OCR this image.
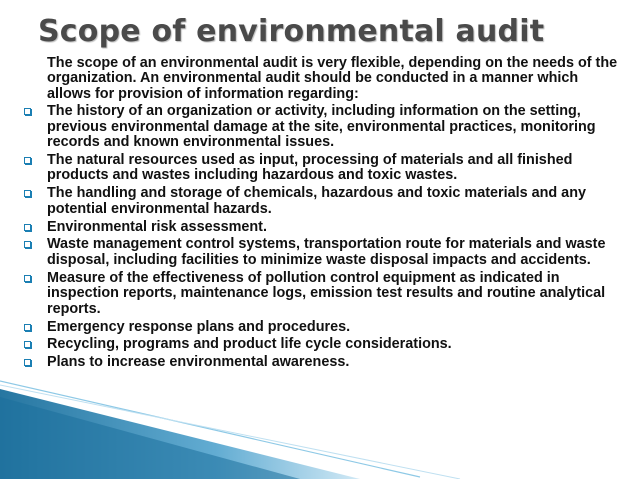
Scope of environmental audit

The scope of an environmental audit is very flexible, depending on the needs of the organization. An environmental audit should be conducted in a manner which allows for provision of information regarding:

The history of an organization or activity, including information on the setting, previous environmental damage at the site, environmental practices, monitoring records and known environmental issues.
The natural resources used as input, processing of materials and all finished products and wastes including hazardous and toxic wastes.
The handling and storage of chemicals, hazardous and toxic materials and any potential environmental hazards.
Environmental risk assessment.
Waste management control systems, transportation route for materials and waste disposal, including facilities to minimize waste disposal impacts and accidents.
Measure of the effectiveness of pollution control equipment as indicated in inspection reports, maintenance logs, emission test results and routine analytical reports.
Emergency response plans and procedures.
Recycling, programs and product life cycle considerations.
Plans to increase environmental awareness.
